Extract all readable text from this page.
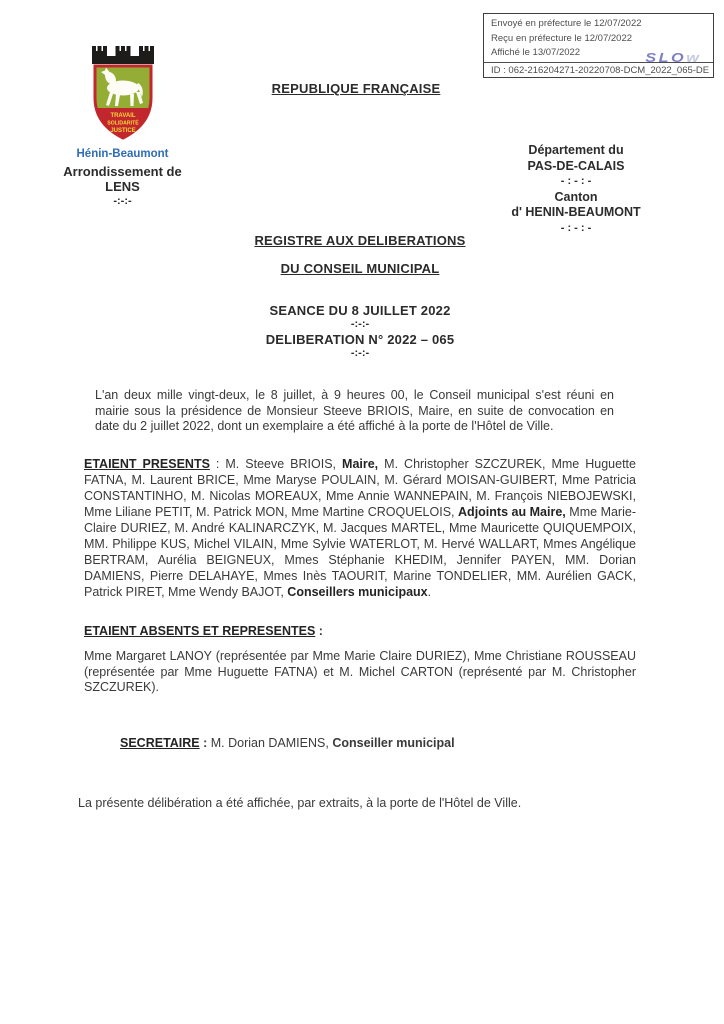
Envoyé en préfecture le 12/07/2022
Reçu en préfecture le 12/07/2022
Affiché le 13/07/2022	SLOw
ID : 062-216204271-20220708-DCM_2022_065-DE
REPUBLIQUE FRANÇAISE
TRAVAIL
SOLIDARITÉ
JUSTICE
Hénin-Beaumont
Arrondissement de
LENS
-:-:-
Département du
PAS-DE-CALAIS
- : - : -
Canton
d' HENIN-BEAUMONT
- : - : -
REGISTRE AUX DELIBERATIONS
DU CONSEIL MUNICIPAL
SEANCE DU 8 JUILLET 2022
-:-:-
DELIBERATION N° 2022 – 065
-:-:-

L'an deux mille vingt-deux, le 8 juillet, à 9 heures 00, le Conseil municipal s'est réuni en mairie sous la présidence de Monsieur Steeve BRIOIS, Maire, en suite de convocation en date du 2 juillet 2022, dont un exemplaire a été affiché à la porte de l'Hôtel de Ville.

ETAIENT PRESENTS : M. Steeve BRIOIS, Maire, M. Christopher SZCZUREK, Mme Huguette FATNA, M. Laurent BRICE, Mme Maryse POULAIN, M. Gérard MOISAN-GUIBERT, Mme Patricia CONSTANTINHO, M. Nicolas MOREAUX, Mme Annie WANNEPAIN, M. François NIEBOJEWSKI, Mme Liliane PETIT, M. Patrick MON, Mme Martine CROQUELOIS, Adjoints au Maire, Mme Marie-Claire DURIEZ, M. André KALINARCZYK, M. Jacques MARTEL, Mme Mauricette QUIQUEMPOIX, MM. Philippe KUS, Michel VILAIN, Mme Sylvie WATERLOT, M. Hervé WALLART, Mmes Angélique BERTRAM, Aurélia BEIGNEUX, Mmes Stéphanie KHEDIM, Jennifer PAYEN, MM. Dorian DAMIENS, Pierre DELAHAYE, Mmes Inès TAOURIT, Marine TONDELIER, MM. Aurélien GACK, Patrick PIRET, Mme Wendy BAJOT, Conseillers municipaux.

ETAIENT ABSENTS ET REPRESENTES :

Mme Margaret LANOY (représentée par Mme Marie Claire DURIEZ), Mme Christiane ROUSSEAU (représentée par Mme Huguette FATNA) et M. Michel CARTON (représenté par M. Christopher SZCZUREK).

SECRETAIRE : M. Dorian DAMIENS, Conseiller municipal
La présente délibération a été affichée, par extraits, à la porte de l'Hôtel de Ville.
